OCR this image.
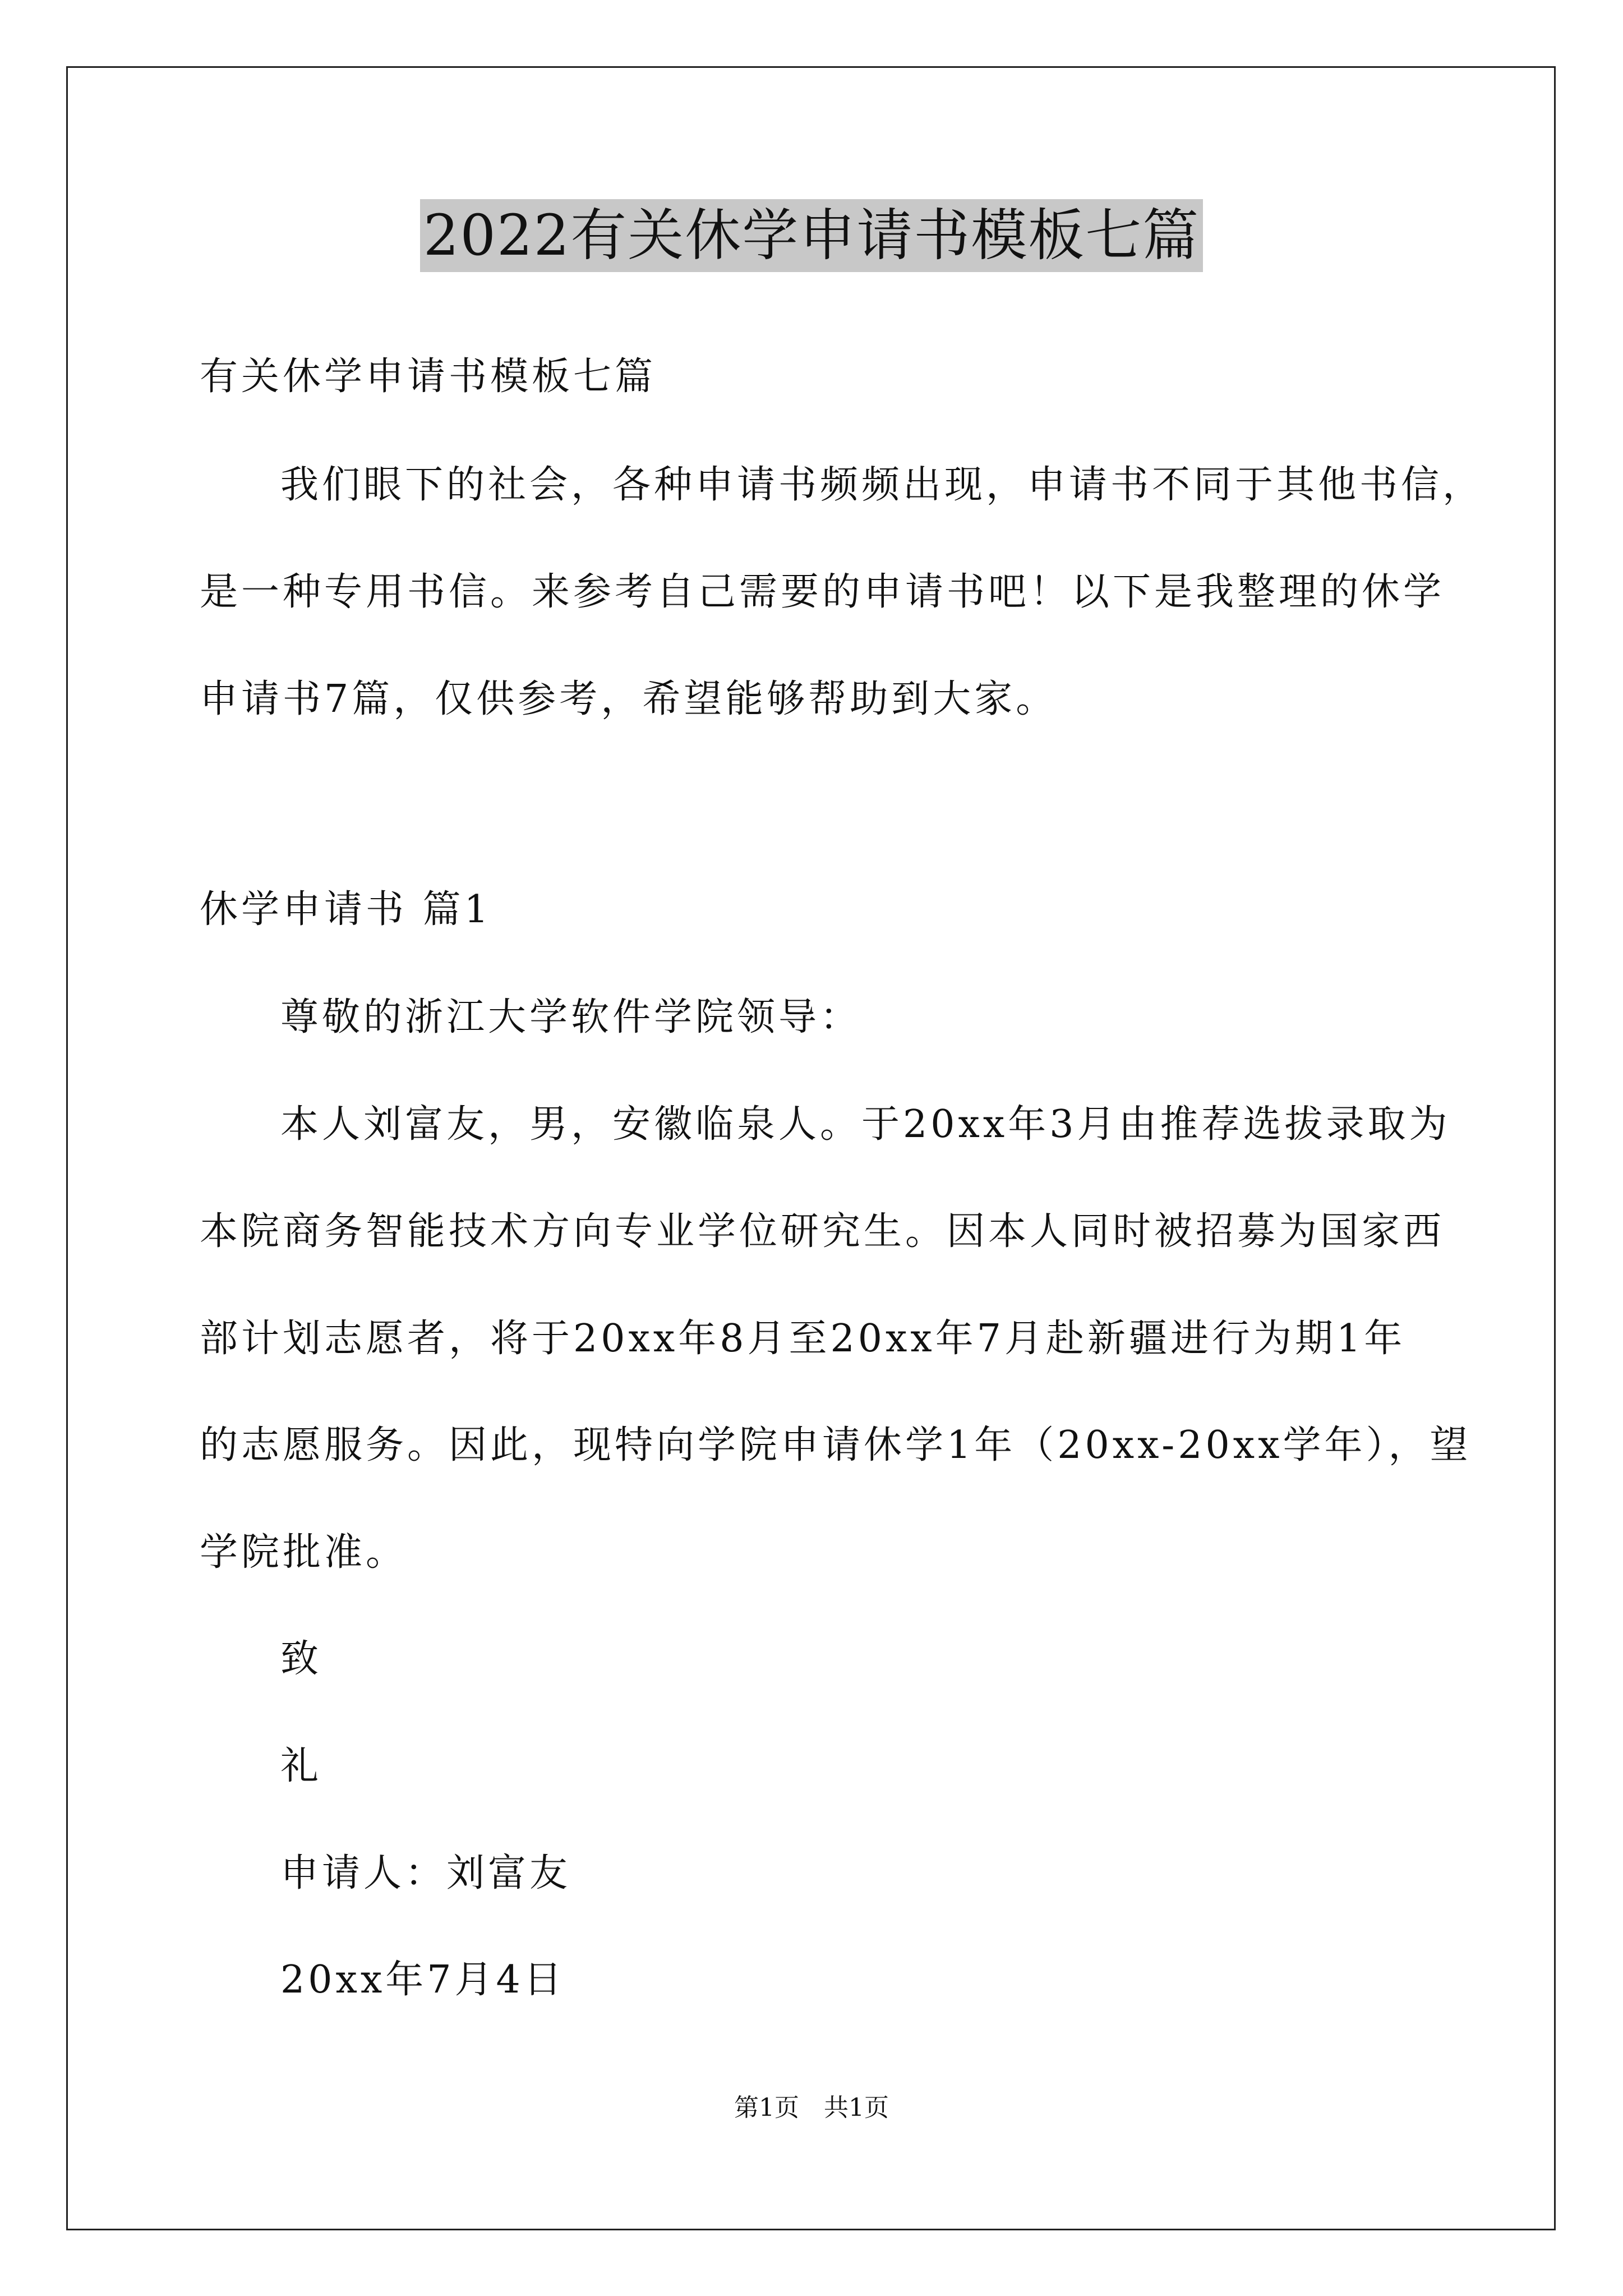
2022有关休学申请书模板七篇
有关休学申请书模板七篇
我们眼下的社会，各种申请书频频出现，申请书不同于其他书信，
是一种专用书信。来参考自己需要的申请书吧！以下是我整理的休学
申请书7篇，仅供参考，希望能够帮助到大家。
休学申请书 篇1
尊敬的浙江大学软件学院领导：
本人刘富友，男，安徽临泉人。于20xx年3月由推荐选拔录取为
本院商务智能技术方向专业学位研究生。因本人同时被招募为国家西
部计划志愿者，将于20xx年8月至20xx年7月赴新疆进行为期1年
的志愿服务。因此，现特向学院申请休学1年（20xx-20xx学年），望
学院批准。
致
礼
申请人：刘富友
20xx年7月4日
第1页　共1页
